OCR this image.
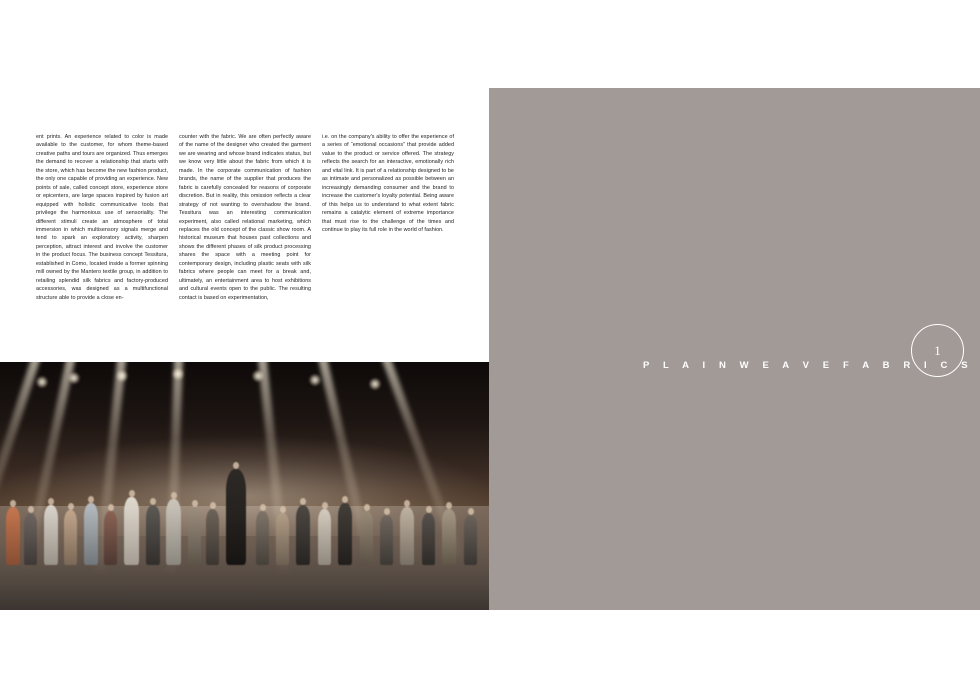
ent prints. An experience related to color is made available to the customer, for whom theme-based creative paths and tours are organized. Thus emerges the demand to recover a relationship that starts with the store, which has become the new fashion product, the only one capable of providing an experience. New points of sale, called concept store, experience store or epicenters, are large spaces inspired by fusion art equipped with holistic communicative tools that privilege the harmonious use of sensoriality. The different stimuli create an atmosphere of total immersion in which multisensory signals merge and tend to spark an exploratory activity, sharpen perception, attract interest and involve the customer in the product focus. The business concept Tessitura, established in Como, located inside a former spinning mill owned by the Mantero textile group, in addition to retailing splendid silk fabrics and factory-produced accessories, was designed as a multifunctional structure able to provide a close en-

counter with the fabric. We are often perfectly aware of the name of the designer who created the garment we are wearing and whose brand indicates status, but we know very little about the fabric from which it is made. In the corporate communication of fashion brands, the name of the supplier that produces the fabric is carefully concealed for reasons of corporate discretion. But in reality, this omission reflects a clear strategy of not wanting to overshadow the brand. Tessitura was an interesting communication experiment, also called relational marketing, which replaces the old concept of the classic show room. A historical museum that houses past collections and shows the different phases of silk product processing shares the space with a meeting point for contemporary design, including plastic seats with silk fabrics where people can meet for a break and, ultimately, an entertainment area to host exhibitions and cultural events open to the public. The resulting contact is based on experimentation,

i.e. on the company's ability to offer the experience of a series of “emotional occasions” that provide added value to the product or service offered. The strategy reflects the search for an interactive, emotionally rich and vital link. It is part of a relationship designed to be as intimate and personalized as possible between an increasingly demanding consumer and the brand to increase the customer's loyalty potential. Being aware of this helps us to understand to what extent fabric remains a catalytic element of extreme importance that must rise to the challenge of the times and continue to play its full role in the world of fashion.

P L A I N W E A V E F A B R I C S
1
